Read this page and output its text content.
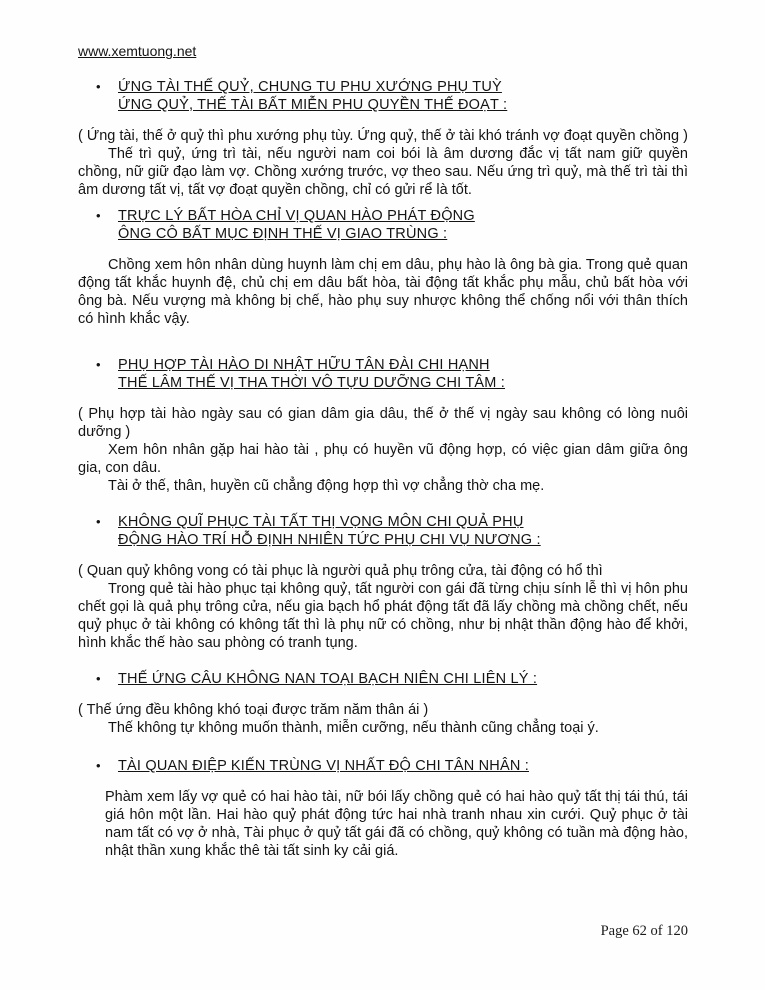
www.xemtuong.net
•	ỨNG TÀI THẾ QUỶ, CHUNG TU PHU XƯỚNG PHỤ TUỲ
ỨNG QUỶ, THẾ TÀI BẤT MIỄN PHU QUYỀN THẾ ĐOẠT :

( Ứng tài, thế ở quỷ thì phu xướng phụ tùy. Ứng quỷ, thế ở tài khó tránh vợ đoạt quyền chồng )

Thế trì quỷ, ứng trì tài, nếu người nam coi bói là âm dương đắc vị tất nam giữ quyền chồng, nữ giữ đạo làm vợ. Chồng xướng trước, vợ theo sau. Nếu ứng trì quỷ, mà thế trì tài thì âm dương tất vị, tất vợ đoạt quyền chồng, chỉ có gửi rể là tốt.

•	TRỰC LÝ BẤT HÒA CHỈ VỊ QUAN HÀO PHÁT ĐỘNG
ÔNG CÔ BẤT MỤC ĐỊNH THẾ VỊ GIAO TRÙNG :

Chồng xem hôn nhân dùng huynh làm chị em dâu, phụ hào là ông bà gia. Trong quẻ quan động tất khắc huynh đệ, chủ chị em dâu bất hòa, tài động tất khắc phụ mẫu, chủ bất hòa với ông bà. Nếu vượng mà không bị chế, hào phụ suy nhược không thể chống nổi với thân thích có hình khắc vậy.

•	PHỤ HỢP TÀI HÀO DI NHẬT HỮU TÂN ĐÀI CHI HẠNH
THẾ LÂM THẾ VỊ THA THỜI VÔ TỰU DƯỠNG CHI TÂM :

( Phụ hợp tài hào ngày sau có gian dâm gia dâu, thế ở thế vị ngày sau không có lòng nuôi dưỡng )

Xem hôn nhân gặp hai hào tài , phụ có huyền vũ động hợp, có việc gian dâm giữa ông gia, con dâu.

Tài ở thế, thân, huyền cũ chẳng động hợp thì vợ chẳng thờ cha mẹ.

•	KHÔNG QUĨ PHỤC TÀI TẤT THỊ VỌNG MÔN CHI QUẢ PHỤ
ĐỘNG HÀO TRÍ HỖ ĐỊNH NHIÊN TỨC PHỤ CHI VỤ NƯƠNG :

( Quan quỷ không vong có tài phục là người quả phụ trông cửa, tài động có hổ thì

Trong quẻ tài hào phục tại không quỷ, tất người con gái đã từng chịu sính lễ thì vị hôn phu chết gọi là quả phụ trông cửa, nếu gia bạch hổ phát động tất đã lấy chồng mà chồng chết, nếu quỷ phục ở tài không có không tất thì là phụ nữ có chồng, như bị nhật thần động hào để khởi, hình khắc thế hào sau phòng có tranh tụng.

•	THẾ ỨNG CÂU KHÔNG NAN TOẠI BẠCH NIÊN CHI LIÊN LÝ :

( Thế ứng đều không khó toại được trăm năm thân ái )

Thế không tự không muốn thành, miễn cưỡng, nếu thành cũng chẳng toại ý.

•	TÀI QUAN ĐIỆP KIẾN TRÙNG VỊ NHẤT ĐỘ CHI TÂN NHÂN :

Phàm xem lấy vợ quẻ có hai hào tài, nữ bói lấy chồng quẻ có hai hào quỷ tất thị tái thú, tái giá hôn một lần. Hai hào quỷ phát động tức hai nhà tranh nhau xin cưới. Quỷ phục ở tài nam tất có vợ ở nhà, Tài phục ở quỷ tất gái đã có chồng, quỷ không có tuần mà động hào, nhật thần xung khắc thê tài tất sinh ky cải giá.

Page 62 of 120
